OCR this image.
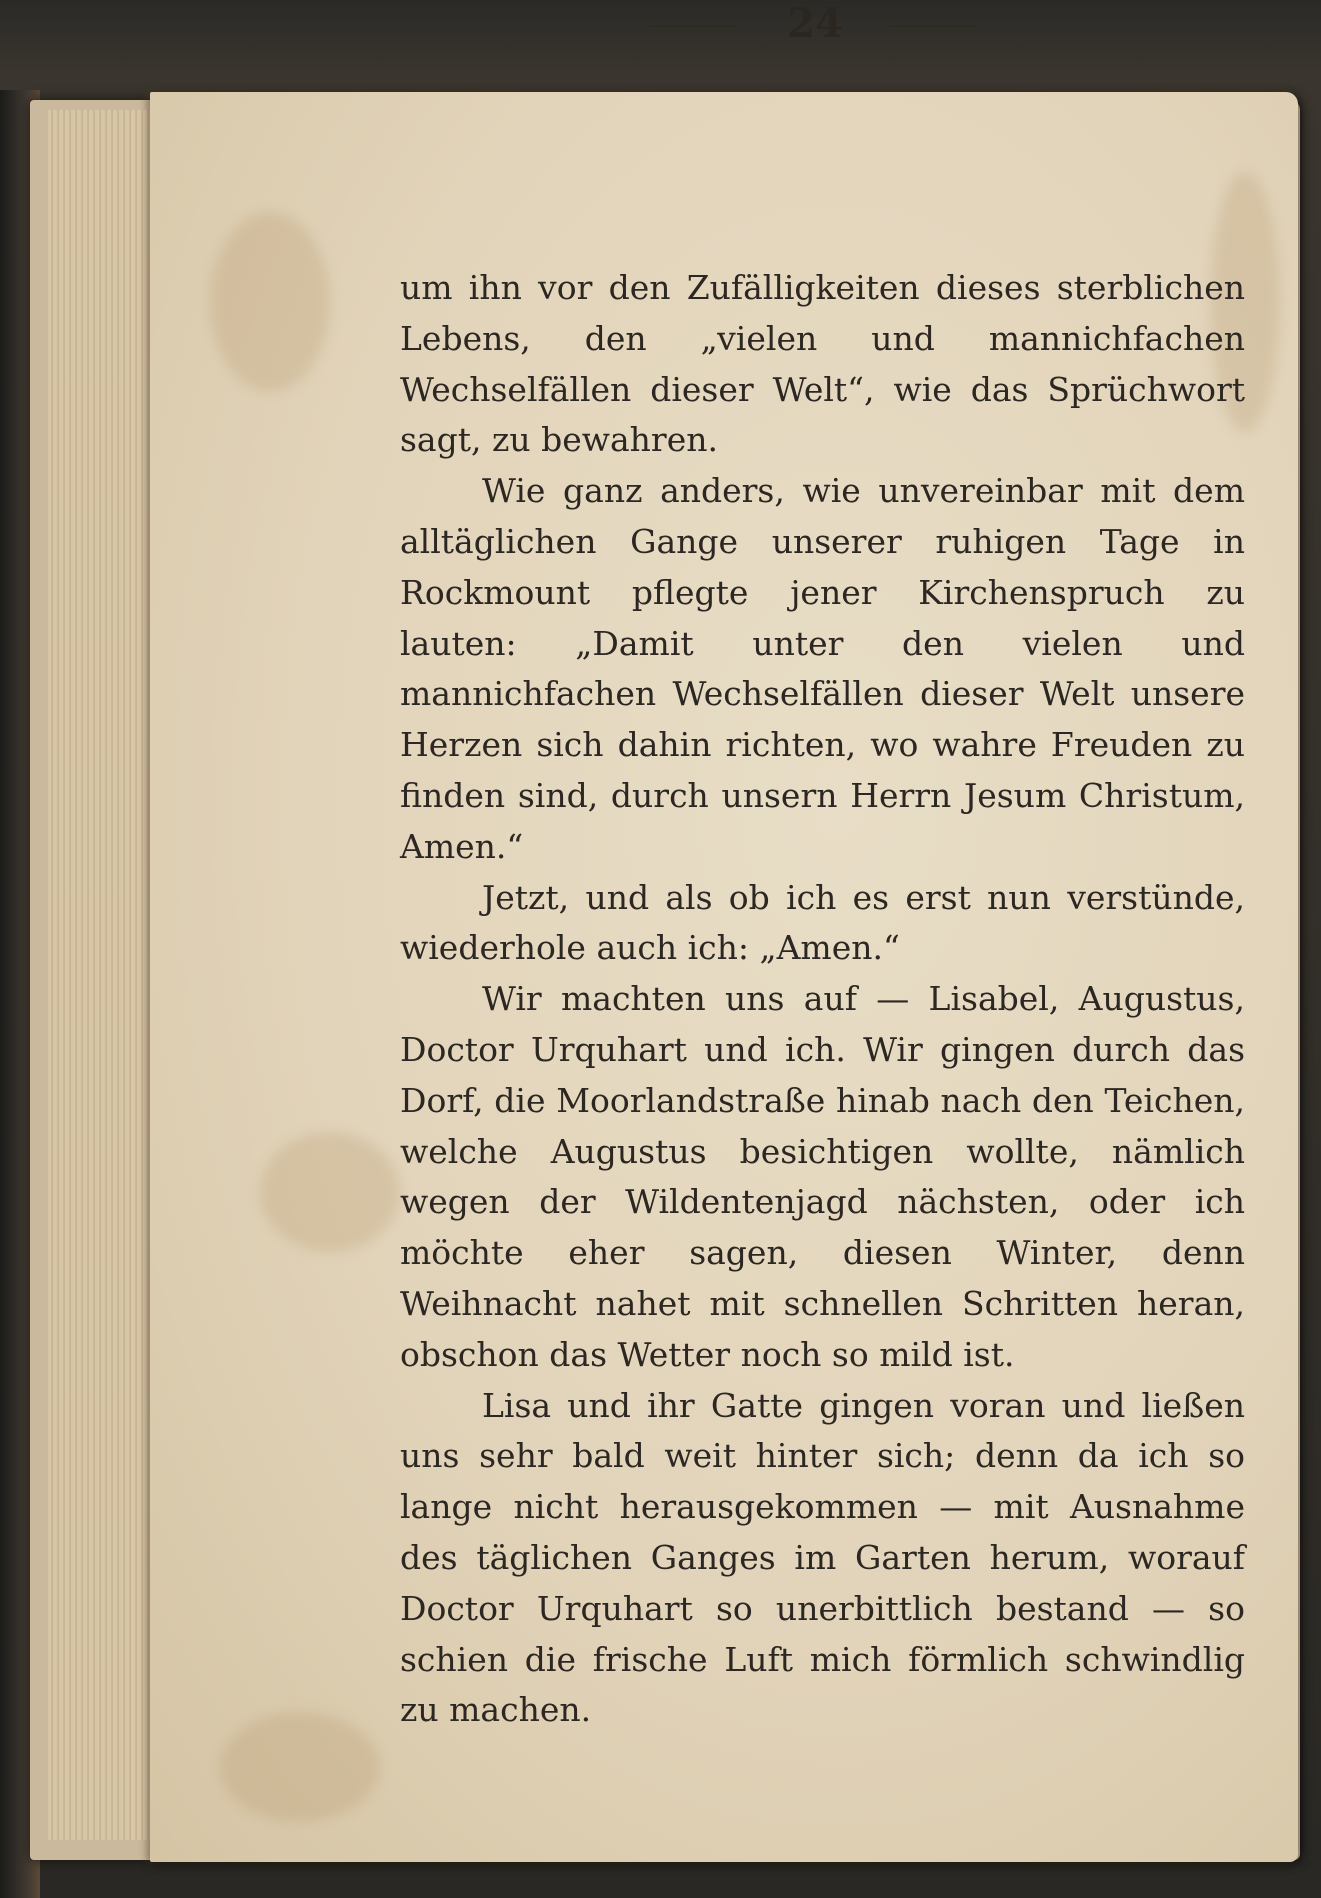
24

um ihn vor den Zufälligkeiten dieses sterblichen Lebens, den „vielen und mannichfachen Wechselfällen dieser Welt“, wie das Sprüchwort sagt, zu bewahren.

Wie ganz anders, wie unvereinbar mit dem alltäglichen Gange unserer ruhigen Tage in Rockmount pflegte jener Kirchenspruch zu lauten: „Damit unter den vielen und mannichfachen Wechselfällen dieser Welt unsere Herzen sich dahin richten, wo wahre Freuden zu finden sind, durch unsern Herrn Jesum Christum, Amen.“

Jetzt, und als ob ich es erst nun verstünde, wiederhole auch ich: „Amen.“

Wir machten uns auf — Lisabel, Augustus, Doctor Urquhart und ich. Wir gingen durch das Dorf, die Moorlandstraße hinab nach den Teichen, welche Augustus besichtigen wollte, nämlich wegen der Wildentenjagd nächsten, oder ich möchte eher sagen, diesen Winter, denn Weihnacht nahet mit schnellen Schritten heran, obschon das Wetter noch so mild ist.

Lisa und ihr Gatte gingen voran und ließen uns sehr bald weit hinter sich; denn da ich so lange nicht herausgekommen — mit Ausnahme des täglichen Ganges im Garten herum, worauf Doctor Urquhart so unerbittlich bestand — so schien die frische Luft mich förmlich schwindlig zu machen.
